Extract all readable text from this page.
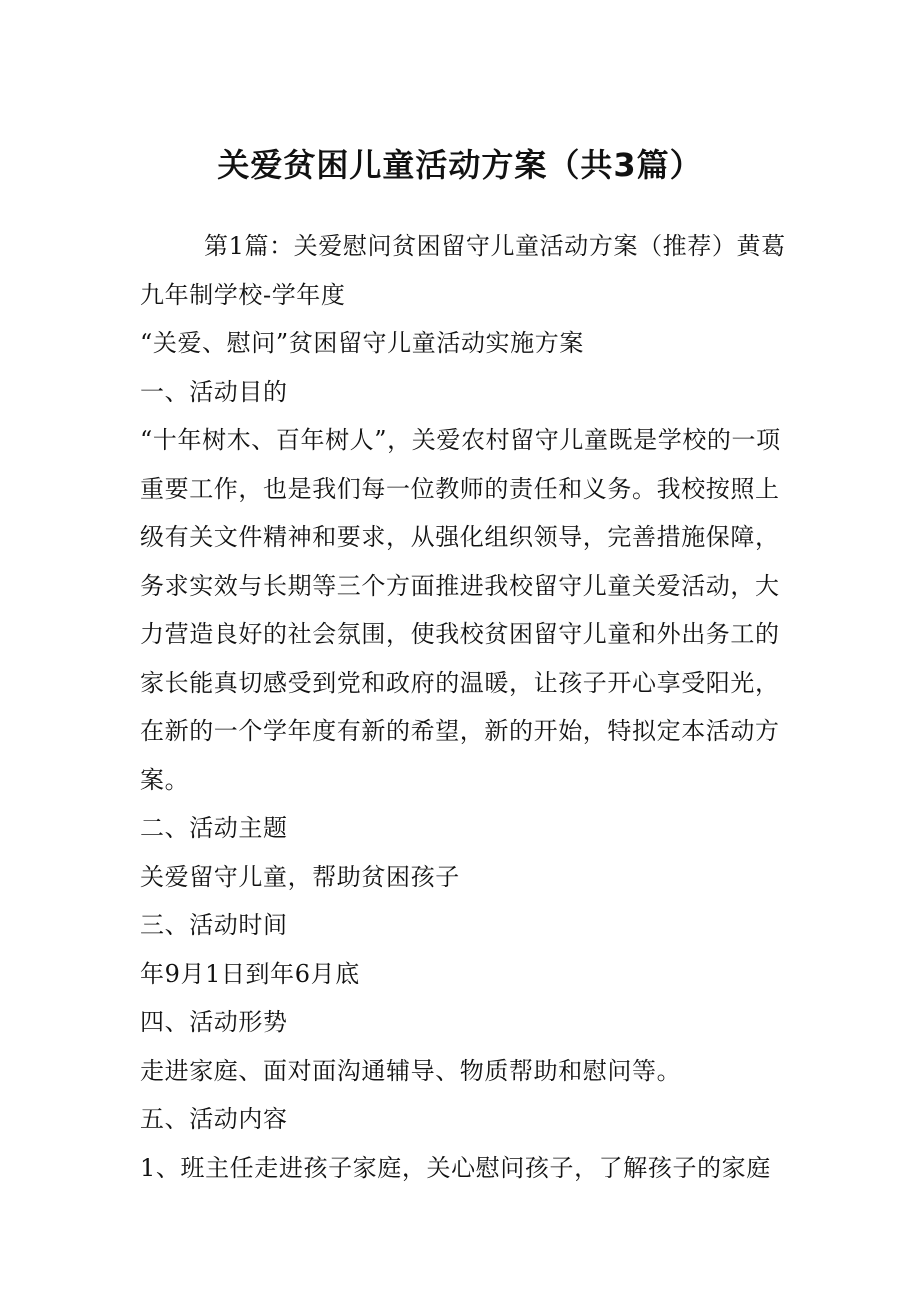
关爱贫困儿童活动方案（共3篇）

第1篇：关爱慰问贫困留守儿童活动方案（推荐）黄葛九年制学校-学年度

“关爱、慰问”贫困留守儿童活动实施方案

一、活动目的

“十年树木、百年树人”，关爱农村留守儿童既是学校的一项重要工作，也是我们每一位教师的责任和义务。我校按照上级有关文件精神和要求，从强化组织领导，完善措施保障，务求实效与长期等三个方面推进我校留守儿童关爱活动，大力营造良好的社会氛围，使我校贫困留守儿童和外出务工的家长能真切感受到党和政府的温暖，让孩子开心享受阳光，在新的一个学年度有新的希望，新的开始，特拟定本活动方案。

二、活动主题

关爱留守儿童，帮助贫困孩子

三、活动时间

年9月1日到年6月底

四、活动形势

走进家庭、面对面沟通辅导、物质帮助和慰问等。

五、活动内容

1、班主任走进孩子家庭，关心慰问孩子，了解孩子的家庭
